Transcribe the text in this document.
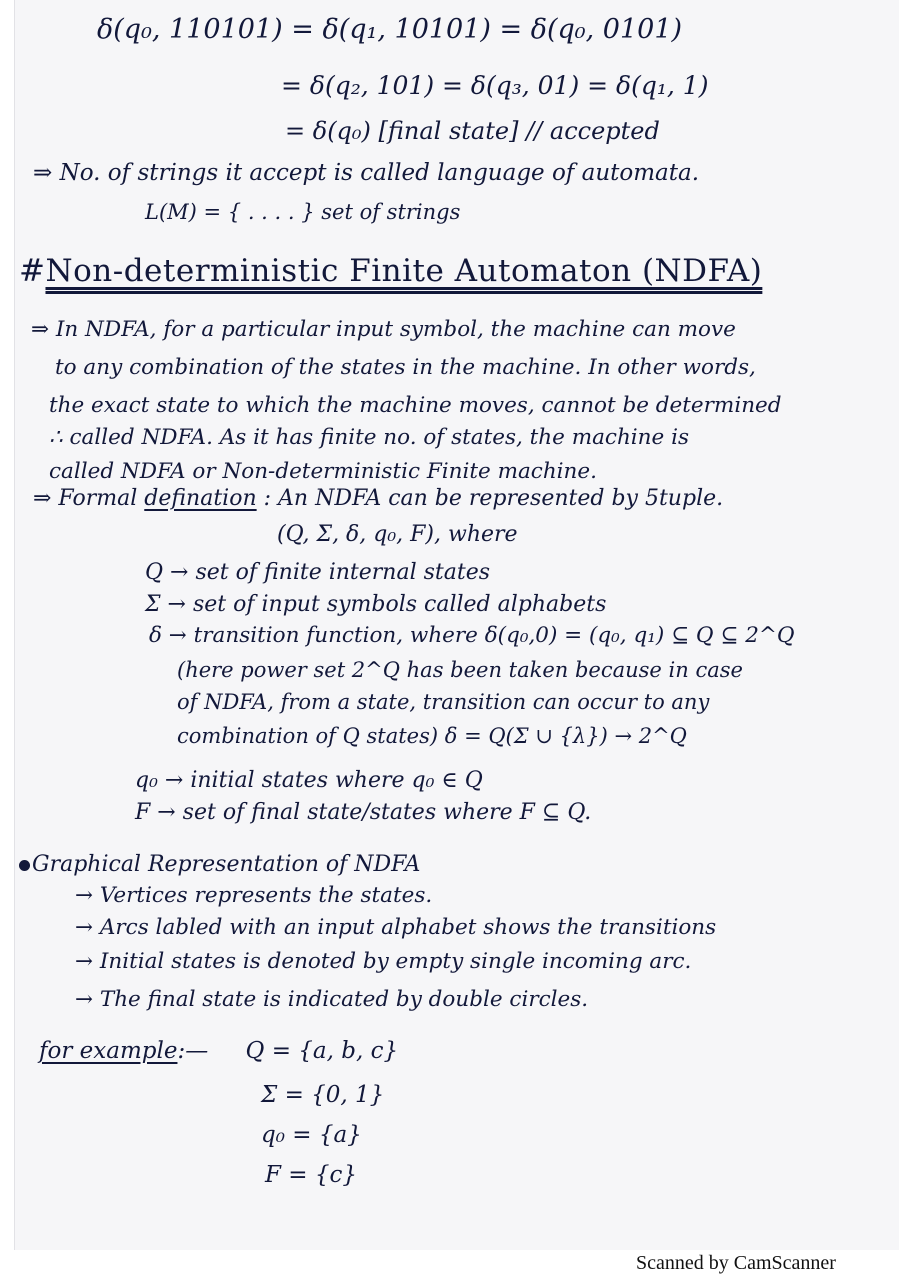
δ(q₀, 110101) = δ(q₁, 10101) = δ(q₀, 0101)
= δ(q₂, 101) = δ(q₃, 01) = δ(q₁, 1)
= δ(q₀) [final state] // accepted
⇒ No. of strings it accept is called language of automata.
L(M) = { . . . . } set of strings
#Non-deterministic Finite Automaton (NDFA)
⇒ In NDFA, for a particular input symbol, the machine can move
to any combination of the states in the machine. In other words,
the exact state to which the machine moves, cannot be determined
∴ called NDFA. As it has finite no. of states, the machine is
called NDFA or Non-deterministic Finite machine.
⇒ Formal defination : An NDFA can be represented by 5tuple.
(Q, Σ, δ, q₀, F), where
Q → set of finite internal states
Σ → set of input symbols called alphabets
δ → transition function, where δ(q₀,0) = (q₀, q₁) ⊆ Q ⊆ 2^Q
(here power set 2^Q has been taken because in case
of NDFA, from a state, transition can occur to any
combination of Q states) δ = Q(Σ ∪ {λ}) → 2^Q
q₀ → initial states where q₀ ∈ Q
F → set of final state/states where F ⊆ Q.
Graphical Representation of NDFA
→ Vertices represents the states.
→ Arcs labled with an input alphabet shows the transitions
→ Initial states is denoted by empty single incoming arc.
→ The final state is indicated by double circles.
for example:— Q = {a, b, c}
Σ = {0, 1}
q₀ = {a}
F = {c}
Scanned by CamScanner
